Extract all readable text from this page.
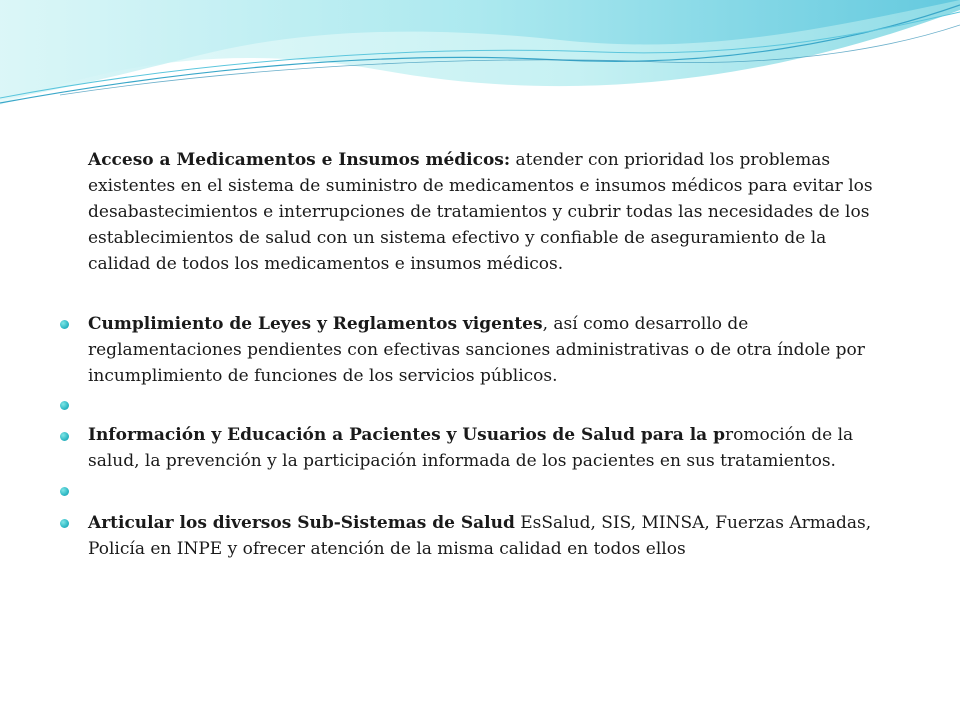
Acceso a Medicamentos e Insumos médicos: atender con prioridad los problemas existentes en el sistema de suministro de medicamentos e insumos médicos para evitar los desabastecimientos e interrupciones de tratamientos y cubrir todas las necesidades de los establecimientos de salud con un sistema efectivo y confiable de aseguramiento de la calidad de todos los medicamentos e insumos médicos.

Cumplimiento de Leyes y Reglamentos vigentes, así como desarrollo de reglamentaciones pendientes con efectivas sanciones administrativas o de otra índole por incumplimiento de funciones de los servicios públicos.

Información y Educación a Pacientes y Usuarios de Salud para la promoción de la salud, la prevención y la participación informada de los pacientes en sus tratamientos.

Articular los diversos Sub-Sistemas de Salud EsSalud, SIS, MINSA, Fuerzas Armadas, Policía en INPE y ofrecer atención de la misma calidad en todos ellos
